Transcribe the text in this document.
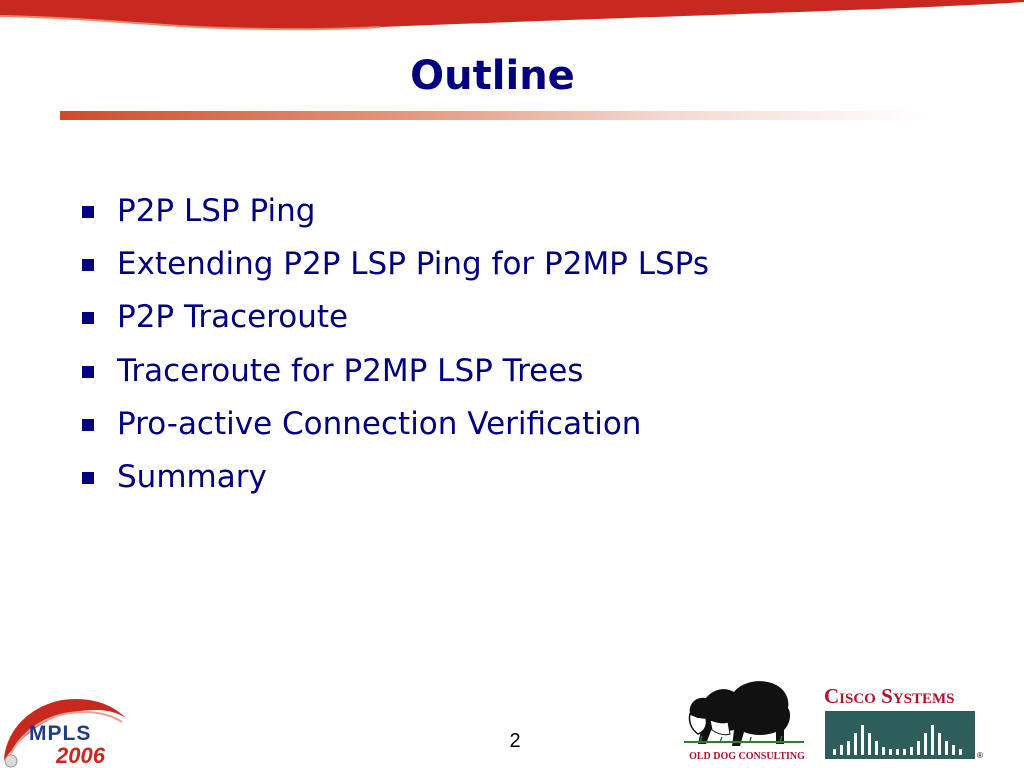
Outline
P2P LSP Ping
Extending P2P LSP Ping for P2MP LSPs
P2P Traceroute
Traceroute for P2MP LSP Trees
Pro-active Connection Verification
Summary
2
MPLS
2006	OLD DOG CONSULTING
Cisco Systems
®
